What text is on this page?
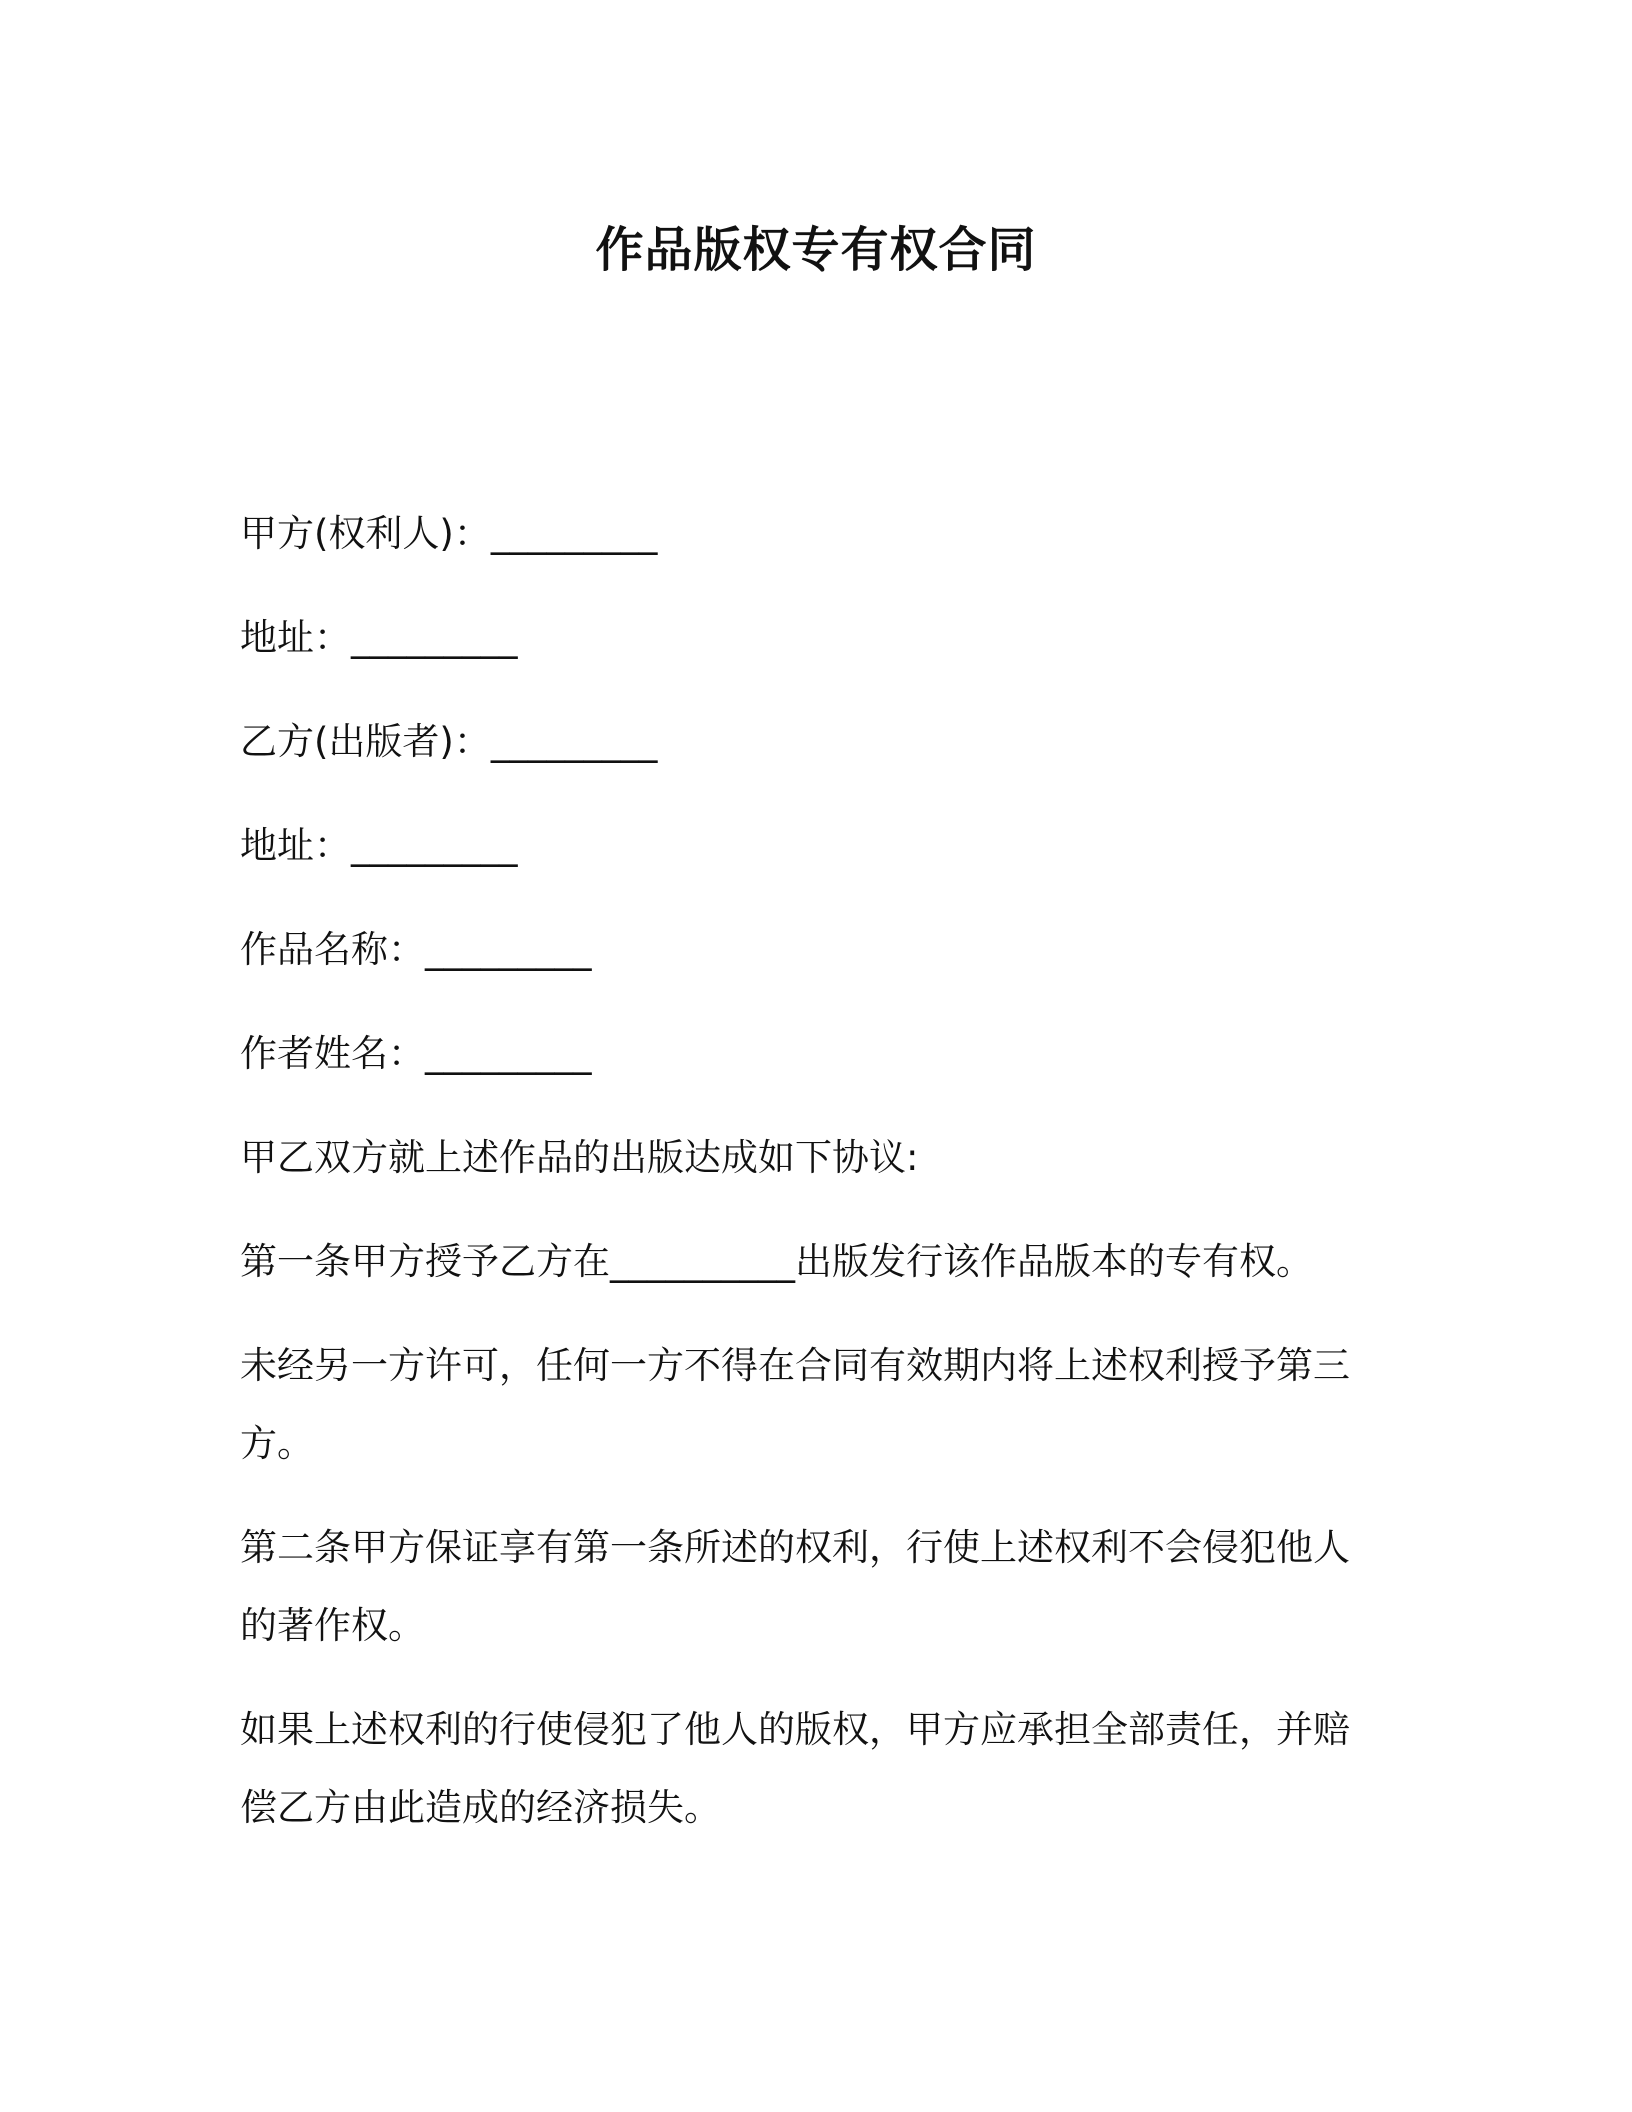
作品版权专有权合同
甲方(权利人)：_________
地址：_________
乙方(出版者)：_________
地址：_________
作品名称：_________
作者姓名：_________

甲乙双方就上述作品的出版达成如下协议:

第一条甲方授予乙方在__________出版发行该作品版本的专有权。

未经另一方许可，任何一方不得在合同有效期内将上述权利授予第三方。

第二条甲方保证享有第一条所述的权利，行使上述权利不会侵犯他人的著作权。

如果上述权利的行使侵犯了他人的版权，甲方应承担全部责任，并赔偿乙方由此造成的经济损失。
